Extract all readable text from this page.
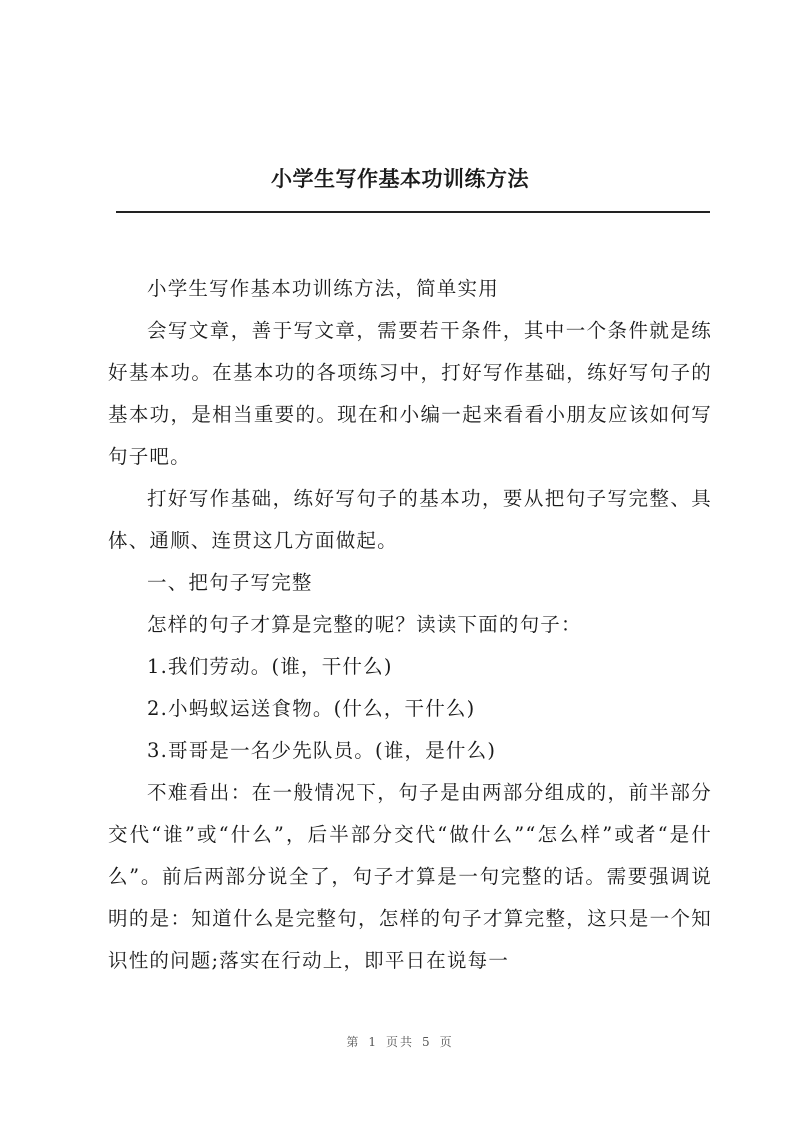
小学生写作基本功训练方法

小学生写作基本功训练方法，简单实用

会写文章，善于写文章，需要若干条件，其中一个条件就是练好基本功。在基本功的各项练习中，打好写作基础，练好写句子的基本功，是相当重要的。现在和小编一起来看看小朋友应该如何写句子吧。

打好写作基础，练好写句子的基本功，要从把句子写完整、具体、通顺、连贯这几方面做起。

一、把句子写完整

怎样的句子才算是完整的呢？读读下面的句子：

1.我们劳动。(谁，干什么)

2.小蚂蚁运送食物。(什么，干什么)

3.哥哥是一名少先队员。(谁，是什么)

不难看出：在一般情况下，句子是由两部分组成的，前半部分交代“谁”或“什么”，后半部分交代“做什么”“怎么样”或者“是什么”。前后两部分说全了，句子才算是一句完整的话。需要强调说明的是：知道什么是完整句，怎样的句子才算完整，这只是一个知识性的问题;落实在行动上，即平日在说每一

第 1 页共 5 页
